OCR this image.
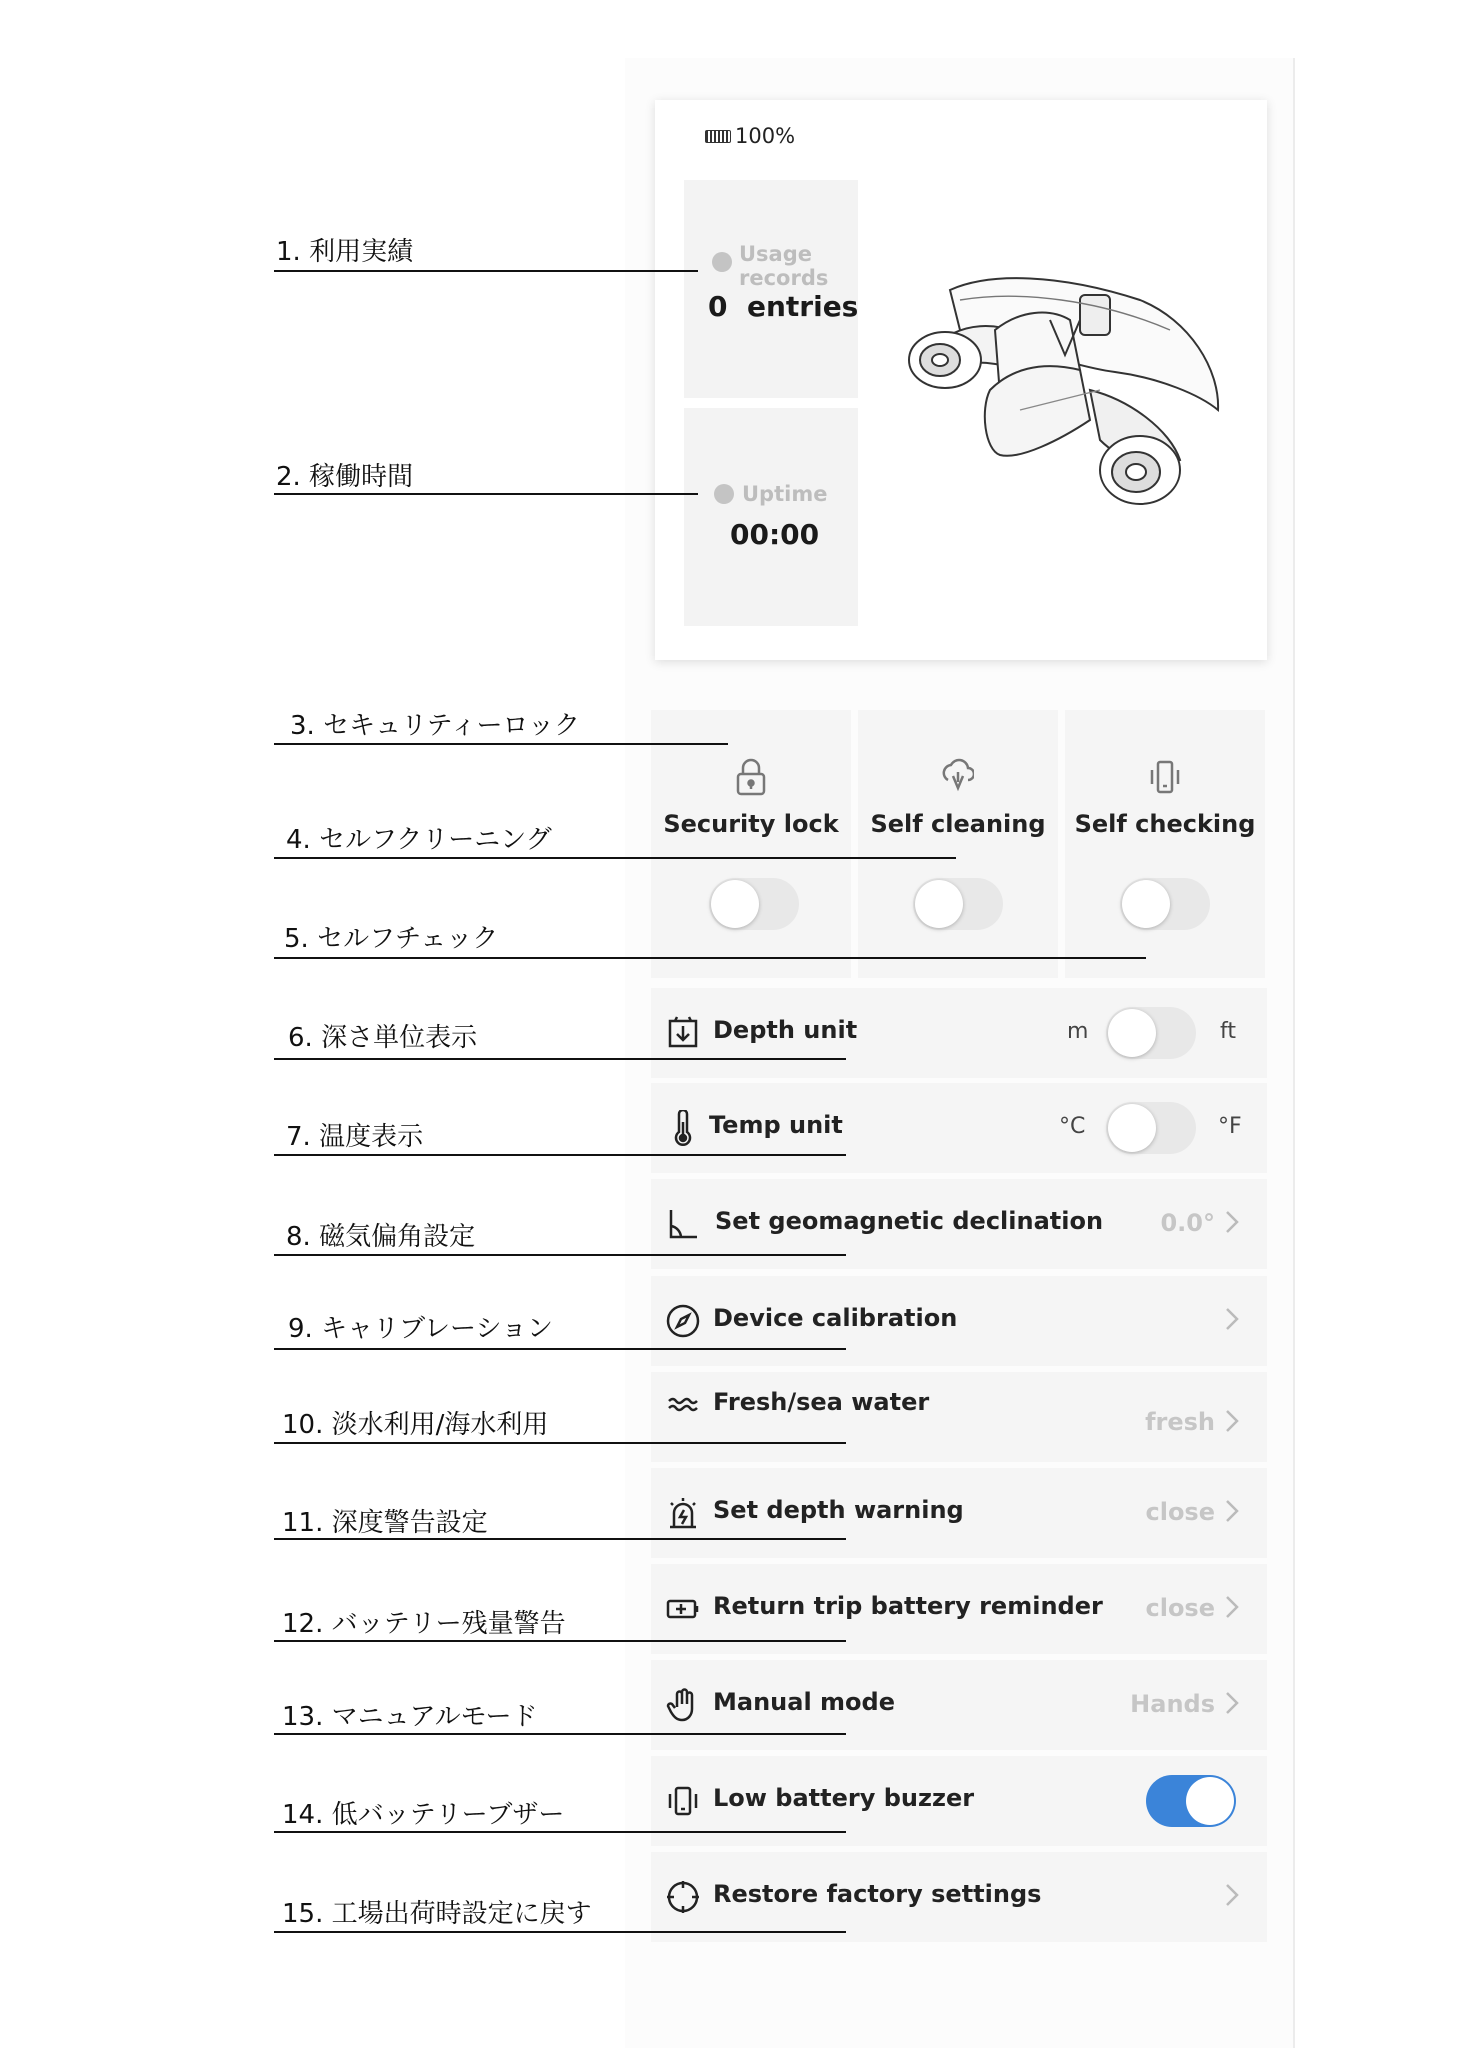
100%
Usage
records
0  entries
Uptime
00:00
Security lock	Self cleaning	Self checking
Depth unit	m	ft
Temp unit	°C	°F
Set geomagnetic declination 0.0°
Device calibration
Fresh/sea water
fresh
Set depth warning	close
Return trip battery reminder close
Manual mode	Hands
Low battery buzzer
Restore factory settings
1. 利用実績
2. 稼働時間
3. セキュリティーロック
4. セルフクリーニング
5. セルフチェック
6. 深さ単位表示
7. 温度表示
8. 磁気偏角設定
9. キャリブレーション
10. 淡水利用/海水利用
11. 深度警告設定
12. バッテリー残量警告
13. マニュアルモード
14. 低バッテリーブザー
15. 工場出荷時設定に戻す
